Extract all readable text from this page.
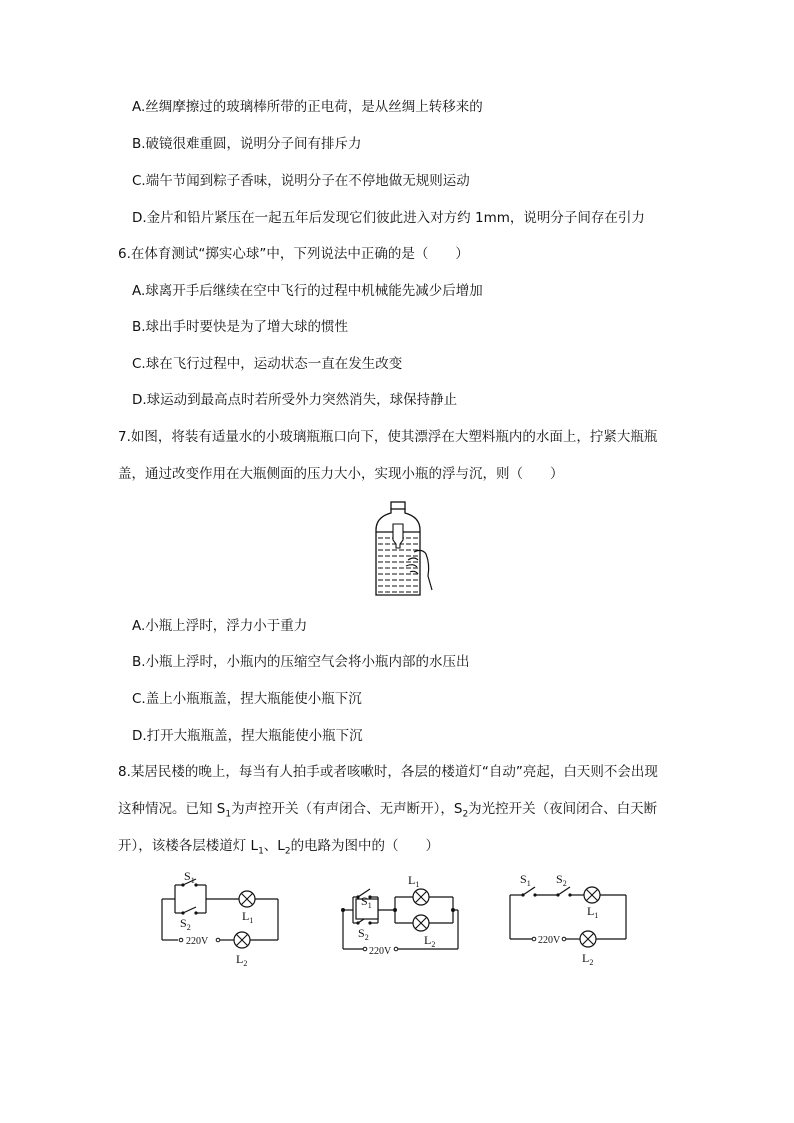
A.丝绸摩擦过的玻璃棒所带的正电荷，是从丝绸上转移来的
B.破镜很难重圆，说明分子间有排斥力
C.端午节闻到粽子香味，说明分子在不停地做无规则运动
D.金片和铅片紧压在一起五年后发现它们彼此进入对方约 1mm，说明分子间存在引力
6.在体育测试“掷实心球”中，下列说法中正确的是（　　）
A.球离开手后继续在空中飞行的过程中机械能先减少后增加
B.球出手时要快是为了增大球的惯性
C.球在飞行过程中，运动状态一直在发生改变
D.球运动到最高点时若所受外力突然消失，球保持静止
7.如图，将装有适量水的小玻璃瓶瓶口向下，使其漂浮在大塑料瓶内的水面上，拧紧大瓶瓶
盖，通过改变作用在大瓶侧面的压力大小，实现小瓶的浮与沉，则（　　）
A.小瓶上浮时，浮力小于重力
B.小瓶上浮时，小瓶内的压缩空气会将小瓶内部的水压出
C.盖上小瓶瓶盖，捏大瓶能使小瓶下沉
D.打开大瓶瓶盖，捏大瓶能使小瓶下沉
8.某居民楼的晚上，每当有人拍手或者咳嗽时，各层的楼道灯“自动”亮起，白天则不会出现
这种情况。已知 $S_1$为声控开关（有声闭合、无声断开），$S_2$为光控开关（夜间闭合、白天断
开），该楼各层楼道灯 $L_1$、$L_2$的电路为图中的（　　）
$S_1$
$S_2$
$L_1$
220V
$L_2$
$S_1$
$S_2$
$L_1$
$L_2$
220V
$S_1$ $S_2$
$L_1$
220V
$L_2$
